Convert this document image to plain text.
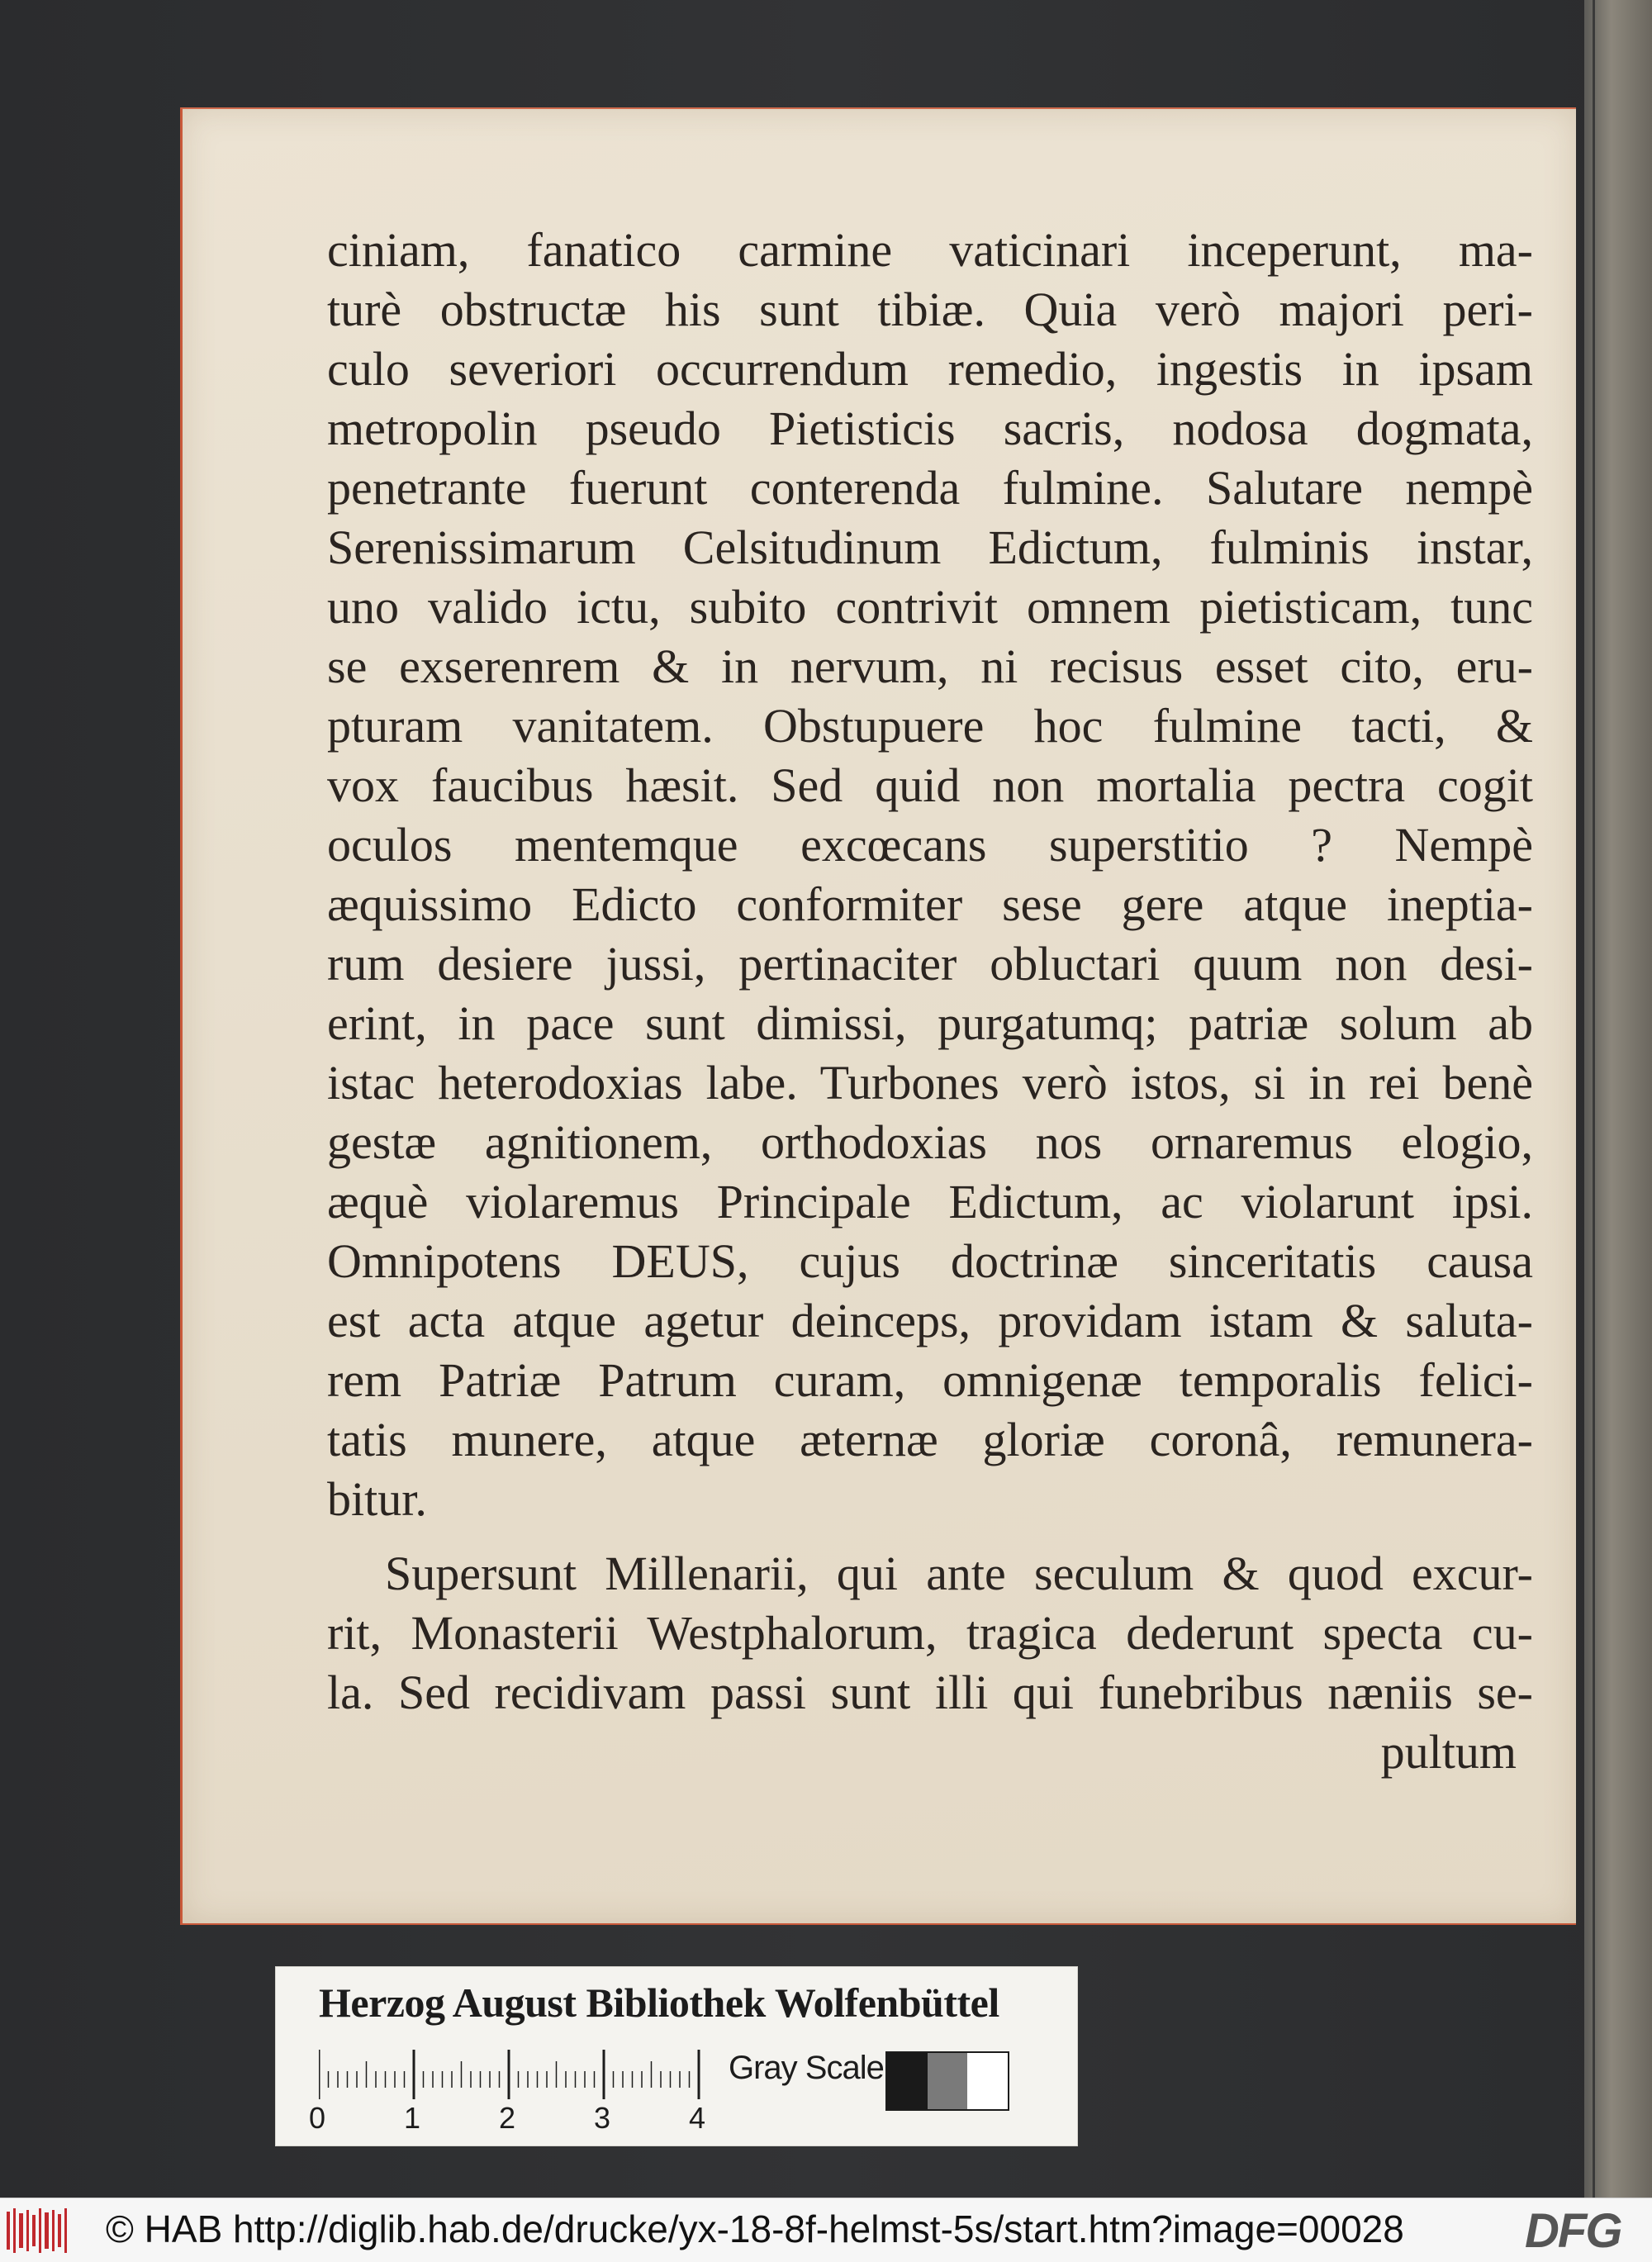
ciniam, fanatico carmine vaticinari inceperunt, ma-
turè obstructæ his sunt tibiæ. Quia verò majori peri-
culo severiori occurrendum remedio, ingestis in ipsam
metropolin pseudo Pietisticis sacris, nodosa dogmata,
penetrante fuerunt conterenda fulmine. Salutare nempè
Serenissimarum Celsitudinum Edictum, fulminis instar,
uno valido ictu, subito contrivit omnem pietisticam, tunc
se exserenrem & in nervum, ni recisus esset cito, eru-
pturam vanitatem. Obstupuere hoc fulmine tacti, &
vox faucibus hæsit. Sed quid non mortalia pectra cogit
oculos mentemque excœcans superstitio ? Nempè
æquissimo Edicto conformiter sese gere atque ineptia-
rum desiere jussi, pertinaciter obluctari quum non desi-
erint, in pace sunt dimissi, purgatumq; patriæ solum ab
istac heterodoxias labe. Turbones verò istos, si in rei benè
gestæ agnitionem, orthodoxias nos ornaremus elogio,
æquè violaremus Principale Edictum, ac violarunt ipsi.
Omnipotens DEUS, cujus doctrinæ sinceritatis causa
est acta atque agetur deinceps, providam istam & saluta-
rem Patriæ Patrum curam, omnigenæ temporalis felici-
tatis munere, atque æternæ gloriæ coronâ, remunera-
bitur.
Supersunt Millenarii, qui ante seculum & quod excur-
rit, Monasterii Westphalorum, tragica dederunt specta cu-
la. Sed recidivam passi sunt illi qui funebribus næniis se-
pultum
Herzog August Bibliothek Wolfenbüttel
0	1	2	3	4
Gray Scale
© HAB http://diglib.hab.de/drucke/yx-18-8f-helmst-5s/start.htm?image=00028	DFG
